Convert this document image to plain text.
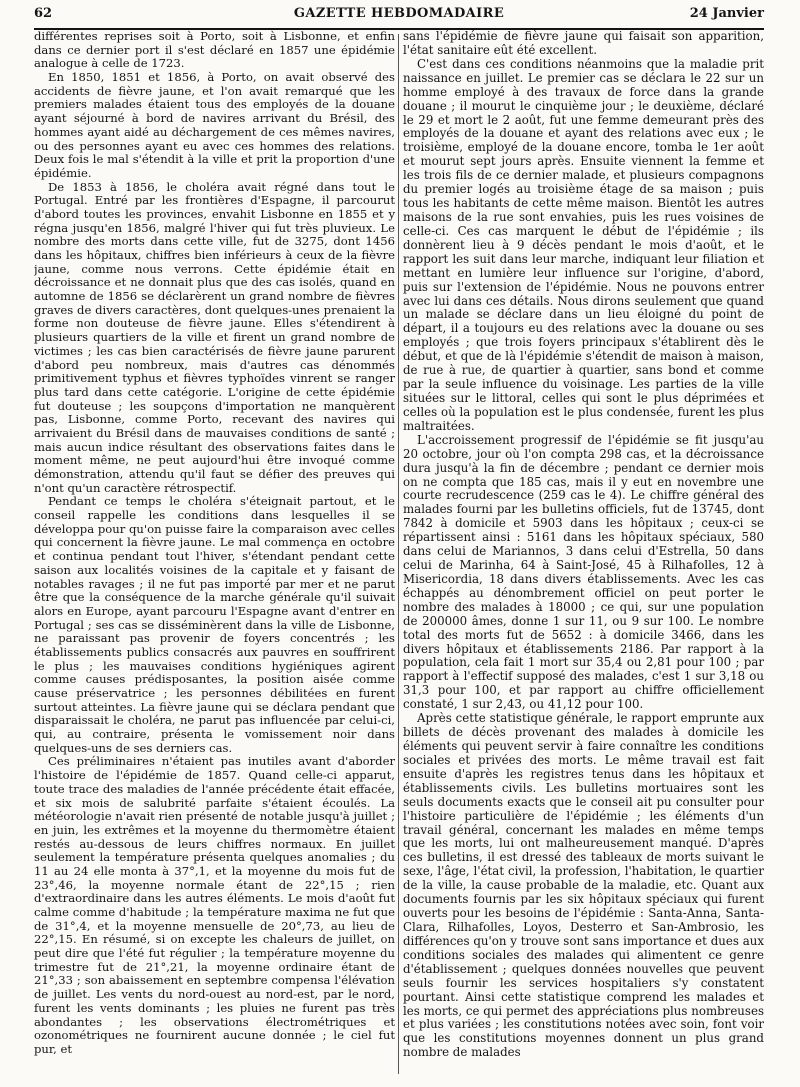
62	GAZETTE HEBDOMADAIRE	24 Janvier

différentes reprises soit à Porto, soit à Lisbonne, et enfin dans ce dernier port il s'est déclaré en 1857 une épidémie analogue à celle de 1723.

En 1850, 1851 et 1856, à Porto, on avait observé des accidents de fièvre jaune, et l'on avait remarqué que les premiers malades étaient tous des employés de la douane ayant séjourné à bord de navires arrivant du Brésil, des hommes ayant aidé au déchargement de ces mêmes navires, ou des personnes ayant eu avec ces hommes des relations. Deux fois le mal s'étendit à la ville et prit la proportion d'une épidémie.

De 1853 à 1856, le choléra avait régné dans tout le Portugal. Entré par les frontières d'Espagne, il parcourut d'abord toutes les provinces, envahit Lisbonne en 1855 et y régna jusqu'en 1856, malgré l'hiver qui fut très pluvieux. Le nombre des morts dans cette ville, fut de 3275, dont 1456 dans les hôpitaux, chiffres bien inférieurs à ceux de la fièvre jaune, comme nous verrons. Cette épidémie était en décroissance et ne donnait plus que des cas isolés, quand en automne de 1856 se déclarèrent un grand nombre de fièvres graves de divers caractères, dont quelques-unes prenaient la forme non douteuse de fièvre jaune. Elles s'étendirent à plusieurs quartiers de la ville et firent un grand nombre de victimes ; les cas bien caractérisés de fièvre jaune parurent d'abord peu nombreux, mais d'autres cas dénommés primitivement typhus et fièvres typhoïdes vinrent se ranger plus tard dans cette catégorie. L'origine de cette épidémie fut douteuse ; les soupçons d'importation ne manquèrent pas, Lisbonne, comme Porto, recevant des navires qui arrivaient du Brésil dans de mauvaises conditions de santé ; mais aucun indice résultant des observations faites dans le moment même, ne peut aujourd'hui être invoqué comme démonstration, attendu qu'il faut se défier des preuves qui n'ont qu'un caractère rétrospectif.

Pendant ce temps le choléra s'éteignait partout, et le conseil rappelle les conditions dans lesquelles il se développa pour qu'on puisse faire la comparaison avec celles qui concernent la fièvre jaune. Le mal commença en octobre et continua pendant tout l'hiver, s'étendant pendant cette saison aux localités voisines de la capitale et y faisant de notables ravages ; il ne fut pas importé par mer et ne parut être que la conséquence de la marche générale qu'il suivait alors en Europe, ayant parcouru l'Espagne avant d'entrer en Portugal ; ses cas se disséminèrent dans la ville de Lisbonne, ne paraissant pas provenir de foyers concentrés ; les établissements publics consacrés aux pauvres en souffrirent le plus ; les mauvaises conditions hygiéniques agirent comme causes prédisposantes, la position aisée comme cause préservatrice ; les personnes débilitées en furent surtout atteintes. La fièvre jaune qui se déclara pendant que disparaissait le choléra, ne parut pas influencée par celui-ci, qui, au contraire, présenta le vomissement noir dans quelques-uns de ses derniers cas.

Ces préliminaires n'étaient pas inutiles avant d'aborder l'histoire de l'épidémie de 1857. Quand celle-ci apparut, toute trace des maladies de l'année précédente était effacée, et six mois de salubrité parfaite s'étaient écoulés. La météorologie n'avait rien présenté de notable jusqu'à juillet ; en juin, les extrêmes et la moyenne du thermomètre étaient restés au-dessous de leurs chiffres normaux. En juillet seulement la température présenta quelques anomalies ; du 11 au 24 elle monta à 37°,1, et la moyenne du mois fut de 23°,46, la moyenne normale étant de 22°,15 ; rien d'extraordinaire dans les autres éléments. Le mois d'août fut calme comme d'habitude ; la température maxima ne fut que de 31°,4, et la moyenne mensuelle de 20°,73, au lieu de 22°,15. En résumé, si on excepte les chaleurs de juillet, on peut dire que l'été fut régulier ; la température moyenne du trimestre fut de 21°,21, la moyenne ordinaire étant de 21°,33 ; son abaissement en septembre compensa l'élévation de juillet. Les vents du nord-ouest au nord-est, par le nord, furent les vents dominants ; les pluies ne furent pas très abondantes ; les observations électrométriques et ozonométriques ne fournirent aucune donnée ; le ciel fut pur, et

sans l'épidémie de fièvre jaune qui faisait son apparition, l'état sanitaire eût été excellent.

C'est dans ces conditions néanmoins que la maladie prit naissance en juillet. Le premier cas se déclara le 22 sur un homme employé à des travaux de force dans la grande douane ; il mourut le cinquième jour ; le deuxième, déclaré le 29 et mort le 2 août, fut une femme demeurant près des employés de la douane et ayant des relations avec eux ; le troisième, employé de la douane encore, tomba le 1er août et mourut sept jours après. Ensuite viennent la femme et les trois fils de ce dernier malade, et plusieurs compagnons du premier logés au troisième étage de sa maison ; puis tous les habitants de cette même maison. Bientôt les autres maisons de la rue sont envahies, puis les rues voisines de celle-ci. Ces cas marquent le début de l'épidémie ; ils donnèrent lieu à 9 décès pendant le mois d'août, et le rapport les suit dans leur marche, indiquant leur filiation et mettant en lumière leur influence sur l'origine, d'abord, puis sur l'extension de l'épidémie. Nous ne pouvons entrer avec lui dans ces détails. Nous dirons seulement que quand un malade se déclare dans un lieu éloigné du point de départ, il a toujours eu des relations avec la douane ou ses employés ; que trois foyers principaux s'établirent dès le début, et que de là l'épidémie s'étendit de maison à maison, de rue à rue, de quartier à quartier, sans bond et comme par la seule influence du voisinage. Les parties de la ville situées sur le littoral, celles qui sont le plus déprimées et celles où la population est le plus condensée, furent les plus maltraitées.

L'accroissement progressif de l'épidémie se fit jusqu'au 20 octobre, jour où l'on compta 298 cas, et la décroissance dura jusqu'à la fin de décembre ; pendant ce dernier mois on ne compta que 185 cas, mais il y eut en novembre une courte recrudescence (259 cas le 4). Le chiffre général des malades fourni par les bulletins officiels, fut de 13745, dont 7842 à domicile et 5903 dans les hôpitaux ; ceux-ci se répartissent ainsi : 5161 dans les hôpitaux spéciaux, 580 dans celui de Mariannos, 3 dans celui d'Estrella, 50 dans celui de Marinha, 64 à Saint-José, 45 à Rilhafolles, 12 à Misericordia, 18 dans divers établissements. Avec les cas échappés au dénombrement officiel on peut porter le nombre des malades à 18000 ; ce qui, sur une population de 200000 âmes, donne 1 sur 11, ou 9 sur 100. Le nombre total des morts fut de 5652 : à domicile 3466, dans les divers hôpitaux et établissements 2186. Par rapport à la population, cela fait 1 mort sur 35,4 ou 2,81 pour 100 ; par rapport à l'effectif supposé des malades, c'est 1 sur 3,18 ou 31,3 pour 100, et par rapport au chiffre officiellement constaté, 1 sur 2,43, ou 41,12 pour 100.

Après cette statistique générale, le rapport emprunte aux billets de décès provenant des malades à domicile les éléments qui peuvent servir à faire connaître les conditions sociales et privées des morts. Le même travail est fait ensuite d'après les registres tenus dans les hôpitaux et établissements civils. Les bulletins mortuaires sont les seuls documents exacts que le conseil ait pu consulter pour l'histoire particulière de l'épidémie ; les éléments d'un travail général, concernant les malades en même temps que les morts, lui ont malheureusement manqué. D'après ces bulletins, il est dressé des tableaux de morts suivant le sexe, l'âge, l'état civil, la profession, l'habitation, le quartier de la ville, la cause probable de la maladie, etc. Quant aux documents fournis par les six hôpitaux spéciaux qui furent ouverts pour les besoins de l'épidémie : Santa-Anna, Santa-Clara, Rilhafolles, Loyos, Desterro et San-Ambrosio, les différences qu'on y trouve sont sans importance et dues aux conditions sociales des malades qui alimentent ce genre d'établissement ; quelques données nouvelles que peuvent seuls fournir les services hospitaliers s'y constatent pourtant. Ainsi cette statistique comprend les malades et les morts, ce qui permet des appréciations plus nombreuses et plus variées ; les constitutions notées avec soin, font voir que les constitutions moyennes donnent un plus grand nombre de malades
